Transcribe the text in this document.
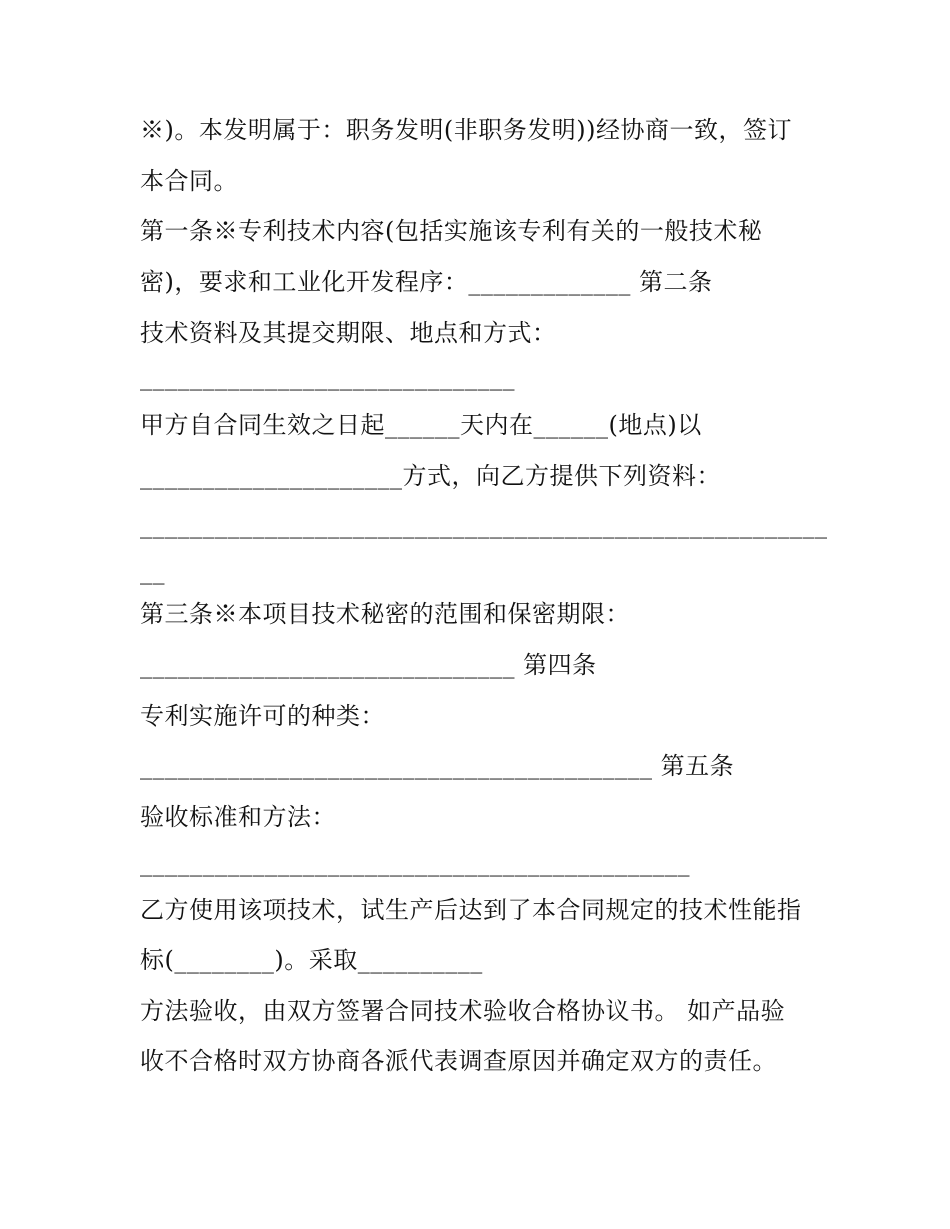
※)。本发明属于：职务发明(非职务发明))经协商一致，签订
本合同。
第一条※专利技术内容(包括实施该专利有关的一般技术秘
密)，要求和工业化开发程序：_____________ 第二条
技术资料及其提交期限、地点和方式：
______________________________
甲方自合同生效之日起______天内在______(地点)以
_____________________方式，向乙方提供下列资料：
_______________________________________________________
__
第三条※本项目技术秘密的范围和保密期限：
______________________________ 第四条
专利实施许可的种类：
_________________________________________ 第五条
验收标准和方法：
____________________________________________
乙方使用该项技术，试生产后达到了本合同规定的技术性能指
标(________)。采取__________
方法验收，由双方签署合同技术验收合格协议书。 如产品验
收不合格时双方协商各派代表调查原因并确定双方的责任。
